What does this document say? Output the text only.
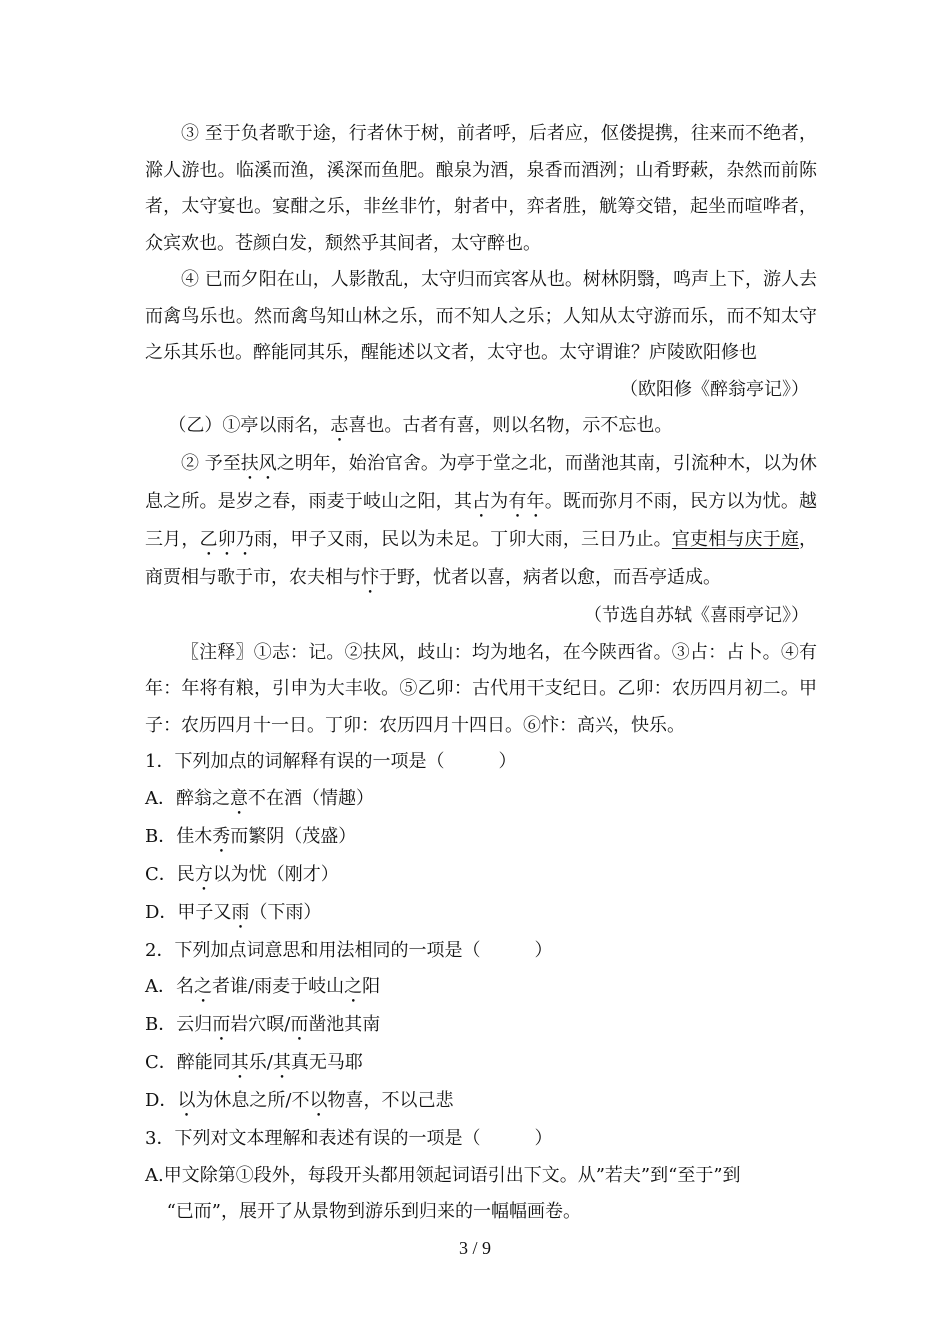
③ 至于负者歌于途，行者休于树，前者呼，后者应，伛偻提携，往来而不绝者，滁人游也。临溪而渔，溪深而鱼肥。酿泉为酒，泉香而酒洌；山肴野蔌，杂然而前陈者，太守宴也。宴酣之乐，非丝非竹，射者中，弈者胜，觥筹交错，起坐而喧哗者，众宾欢也。苍颜白发，颓然乎其间者，太守醉也。

④ 已而夕阳在山，人影散乱，太守归而宾客从也。树林阴翳，鸣声上下，游人去而禽鸟乐也。然而禽鸟知山林之乐，而不知人之乐；人知从太守游而乐，而不知太守之乐其乐也。醉能同其乐，醒能述以文者，太守也。太守谓谁？庐陵欧阳修也

（欧阳修《醉翁亭记》）

（乙）①亭以雨名，志喜也。古者有喜，则以名物，示不忘也。

② 予至扶风之明年，始治官舍。为亭于堂之北，而凿池其南，引流种木，以为休息之所。是岁之春，雨麦于岐山之阳，其占为有年。既而弥月不雨，民方以为忧。越三月，乙卯乃雨，甲子又雨，民以为未足。丁卯大雨，三日乃止。官吏相与庆于庭，商贾相与歌于市，农夫相与忭于野，忧者以喜，病者以愈，而吾亭适成。

（节选自苏轼《喜雨亭记》）

〖注释〗①志：记。②扶风，歧山：均为地名，在今陕西省。③占：占卜。④有年：年将有粮，引申为大丰收。⑤乙卯：古代用干支纪日。乙卯：农历四月初二。甲子：农历四月十一日。丁卯：农历四月十四日。⑥忭：高兴，快乐。

1．下列加点的词解释有误的一项是（　　　）

A．醉翁之意不在酒（情趣）

B．佳木秀而繁阴（茂盛）

C．民方以为忧（刚才）

D．甲子又雨（下雨）

2．下列加点词意思和用法相同的一项是（　　　）

A．名之者谁/雨麦于岐山之阳

B．云归而岩穴暝/而凿池其南

C．醉能同其乐/其真无马耶

D．以为休息之所/不以物喜，不以己悲

3．下列对文本理解和表述有误的一项是（　　　）

A.甲文除第①段外，每段开头都用领起词语引出下文。从”若夫”到“至于”到

“已而”，展开了从景物到游乐到归来的一幅幅画卷。

3 / 9
